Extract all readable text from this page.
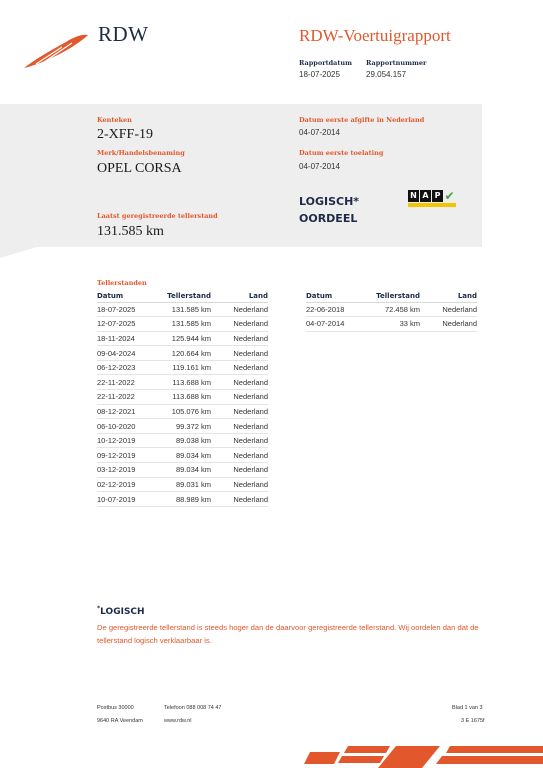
RDW	RDW-Voertuigrapport
Rapportdatum
18-07-2025
Rapportnummer
29.054.157
Kenteken
2-XFF-19
Merk/Handelsbenaming
OPEL CORSA
Laatst geregistreerde tellerstand
131.585 km
Datum eerste afgifte in Nederland
04-07-2014
Datum eerste toelating
04-07-2014
LOGISCH*
OORDEEL
N A P ✔
Tellerstanden
Datum	Tellerstand	Land
18-07-2025	131.585 km	Nederland
12-07-2025	131.585 km	Nederland
18-11-2024	125.944 km	Nederland
09-04-2024	120.664 km	Nederland
06-12-2023	119.161 km	Nederland
22-11-2022	113.688 km	Nederland
22-11-2022	113.688 km	Nederland
08-12-2021	105.076 km	Nederland
06-10-2020	99.372 km	Nederland
10-12-2019	89.038 km	Nederland
09-12-2019	89.034 km	Nederland
03-12-2019	89.034 km	Nederland
02-12-2019	89.031 km	Nederland
10-07-2019	88.989 km	Nederland
Datum	Tellerstand	Land
22-06-2018	72.458 km	Nederland
04-07-2014	33 km	Nederland
*LOGISCH
De geregistreerde tellerstand is steeds hoger dan de daarvoor geregistreerde tellerstand. Wij oordelen dan dat de tellerstand logisch verklaarbaar is.
Postbus 30000
9640 RA Veendam
Telefoon 088 008 74 47
www.rdw.nl
Blad 1 van 3
3 E 1675f
